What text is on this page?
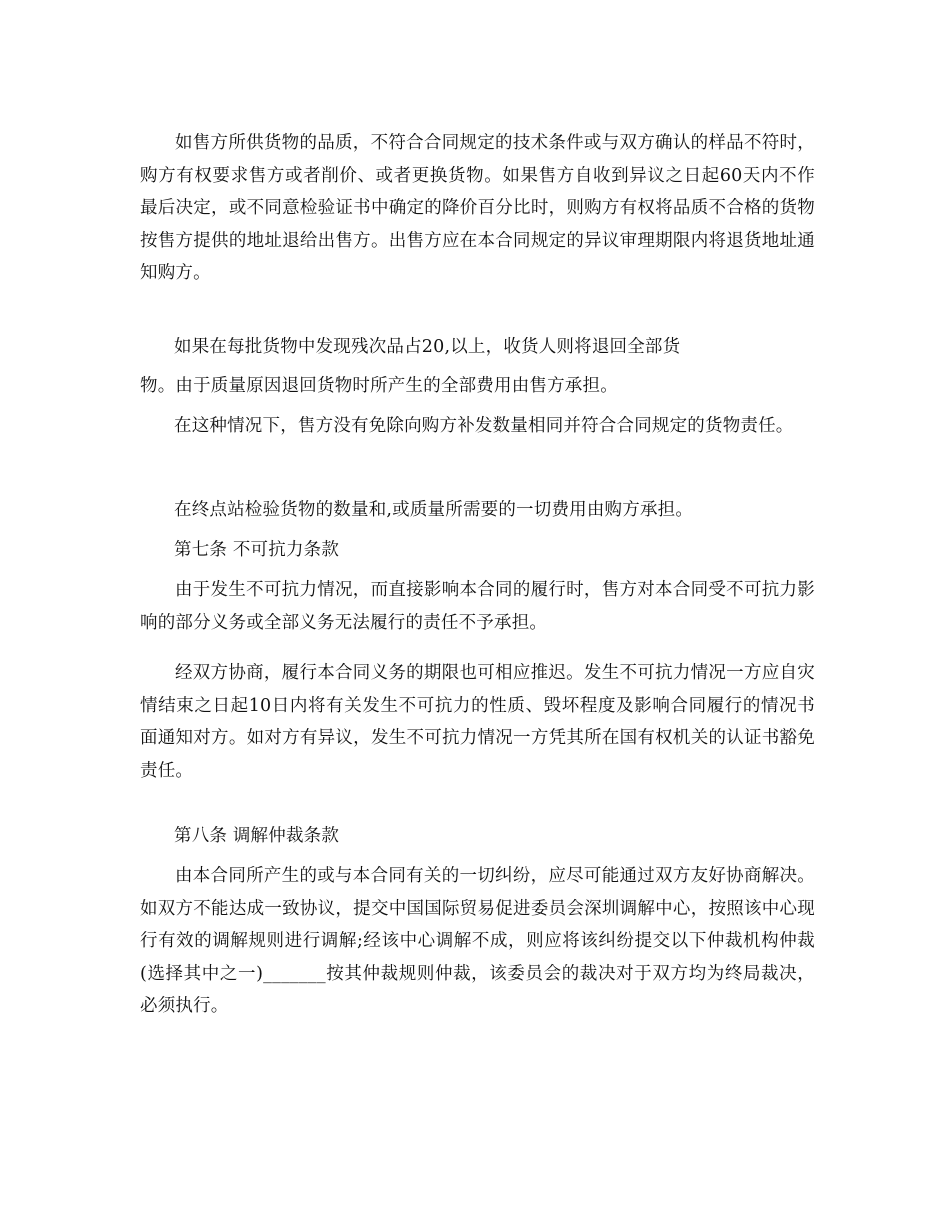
如售方所供货物的品质，不符合合同规定的技术条件或与双方确认的样品不符时，购方有权要求售方或者削价、或者更换货物。如果售方自收到异议之日起60天内不作最后决定，或不同意检验证书中确定的降价百分比时，则购方有权将品质不合格的货物按售方提供的地址退给出售方。出售方应在本合同规定的异议审理期限内将退货地址通知购方。

如果在每批货物中发现残次品占20,以上，收货人则将退回全部货

物。由于质量原因退回货物时所产生的全部费用由售方承担。

在这种情况下，售方没有免除向购方补发数量相同并符合合同规定的货物责任。

在终点站检验货物的数量和,或质量所需要的一切费用由购方承担。

第七条 不可抗力条款

由于发生不可抗力情况，而直接影响本合同的履行时，售方对本合同受不可抗力影响的部分义务或全部义务无法履行的责任不予承担。

经双方协商，履行本合同义务的期限也可相应推迟。发生不可抗力情况一方应自灾情结束之日起10日内将有关发生不可抗力的性质、毁坏程度及影响合同履行的情况书面通知对方。如对方有异议，发生不可抗力情况一方凭其所在国有权机关的认证书豁免责任。

第八条 调解仲裁条款

由本合同所产生的或与本合同有关的一切纠纷，应尽可能通过双方友好协商解决。如双方不能达成一致协议，提交中国国际贸易促进委员会深圳调解中心，按照该中心现行有效的调解规则进行调解;经该中心调解不成，则应将该纠纷提交以下仲裁机构仲裁(选择其中之一)_______按其仲裁规则仲裁，该委员会的裁决对于双方均为终局裁决，必须执行。
